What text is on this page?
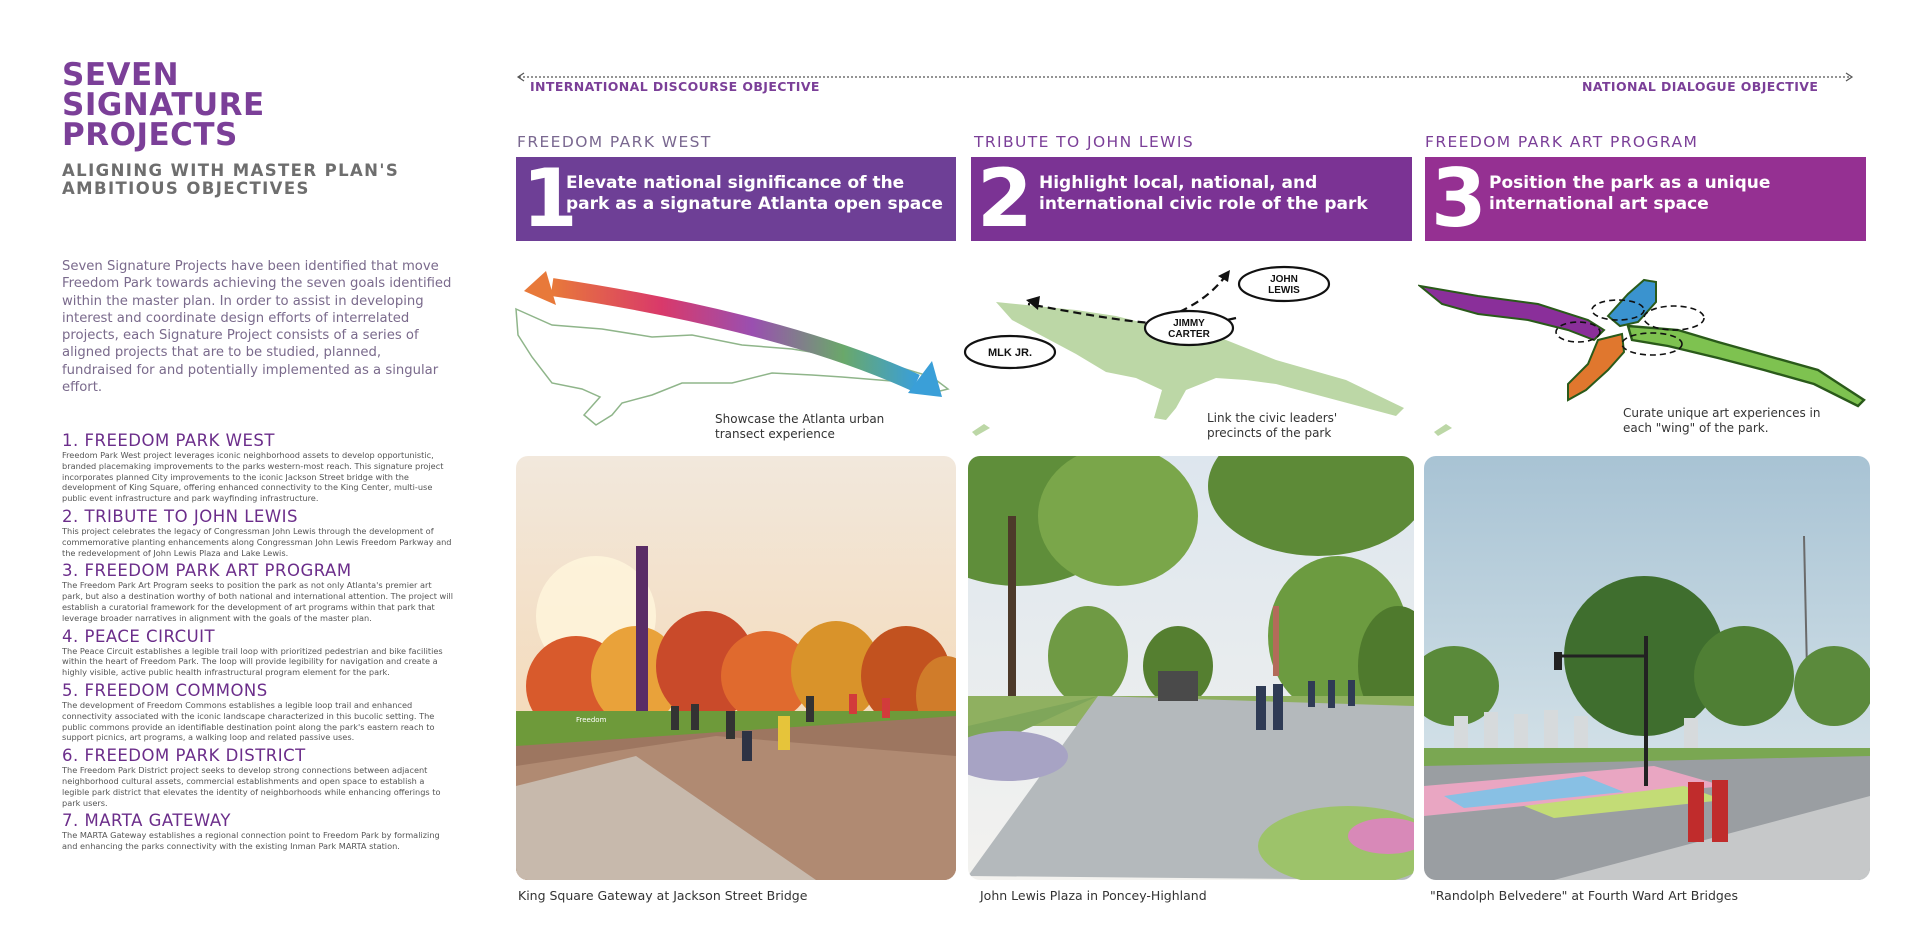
SEVEN
SIGNATURE
PROJECTS
ALIGNING WITH MASTER PLAN'S
AMBITIOUS OBJECTIVES

Seven Signature Projects have been identified that move Freedom Park towards achieving the seven goals identified within the master plan. In order to assist in developing interest and coordinate design efforts of interrelated projects, each Signature Project consists of a series of aligned projects that are to be studied, planned, fundraised for and potentially implemented as a singular effort.

1. FREEDOM PARK WEST

Freedom Park West project leverages iconic neighborhood assets to develop opportunistic, branded placemaking improvements to the parks western-most reach. This signature project incorporates planned City improvements to the iconic Jackson Street bridge with the development of King Square, offering enhanced connectivity to the King Center, multi-use public event infrastructure and park wayfinding infrastructure.

2. TRIBUTE TO JOHN LEWIS

This project celebrates the legacy of Congressman John Lewis through the development of commemorative planting enhancements along Congressman John Lewis Freedom Parkway and the redevelopment of John Lewis Plaza and Lake Lewis.

3. FREEDOM PARK ART PROGRAM

The Freedom Park Art Program seeks to position the park as not only Atlanta's premier art park, but also a destination worthy of both national and international attention. The project will establish a curatorial framework for the development of art programs within that park that leverage broader narratives in alignment with the goals of the master plan.

4. PEACE CIRCUIT

The Peace Circuit establishes a legible trail loop with prioritized pedestrian and bike facilities within the heart of Freedom Park. The loop will provide legibility for navigation and create a highly visible, active public health infrastructural program element for the park.

5. FREEDOM COMMONS

The development of Freedom Commons establishes a legible loop trail and enhanced connectivity associated with the iconic landscape characterized in this bucolic setting. The public commons provide an identifiable destination point along the park's eastern reach to support picnics, art programs, a walking loop and related passive uses.

6. FREEDOM PARK DISTRICT

The Freedom Park District project seeks to develop strong connections between adjacent neighborhood cultural assets, commercial establishments and open space to establish a legible park district that elevates the identity of neighborhoods while enhancing offerings to park users.

7. MARTA GATEWAY

The MARTA Gateway establishes a regional connection point to Freedom Park by formalizing and enhancing the parks connectivity with the existing Inman Park MARTA station.

INTERNATIONAL DISCOURSE OBJECTIVE	NATIONAL DIALOGUE OBJECTIVE
FREEDOM PARK WEST
1
Elevate national significance of the
park as a signature Atlanta open space
Showcase the Atlanta urban
transect experience
Freedom
King Square Gateway at Jackson Street Bridge
TRIBUTE TO JOHN LEWIS
2 Highlight local, national, and
international civic role of the park
MLK JR.
JIMMY
CARTER
JOHN
LEWIS
Link the civic leaders'
precincts of the park
John Lewis Plaza in Poncey-Highland
FREEDOM PARK ART PROGRAM
3 Position the park as a unique
international art space
Curate unique art experiences in
each "wing" of the park.
"Randolph Belvedere" at Fourth Ward Art Bridges
